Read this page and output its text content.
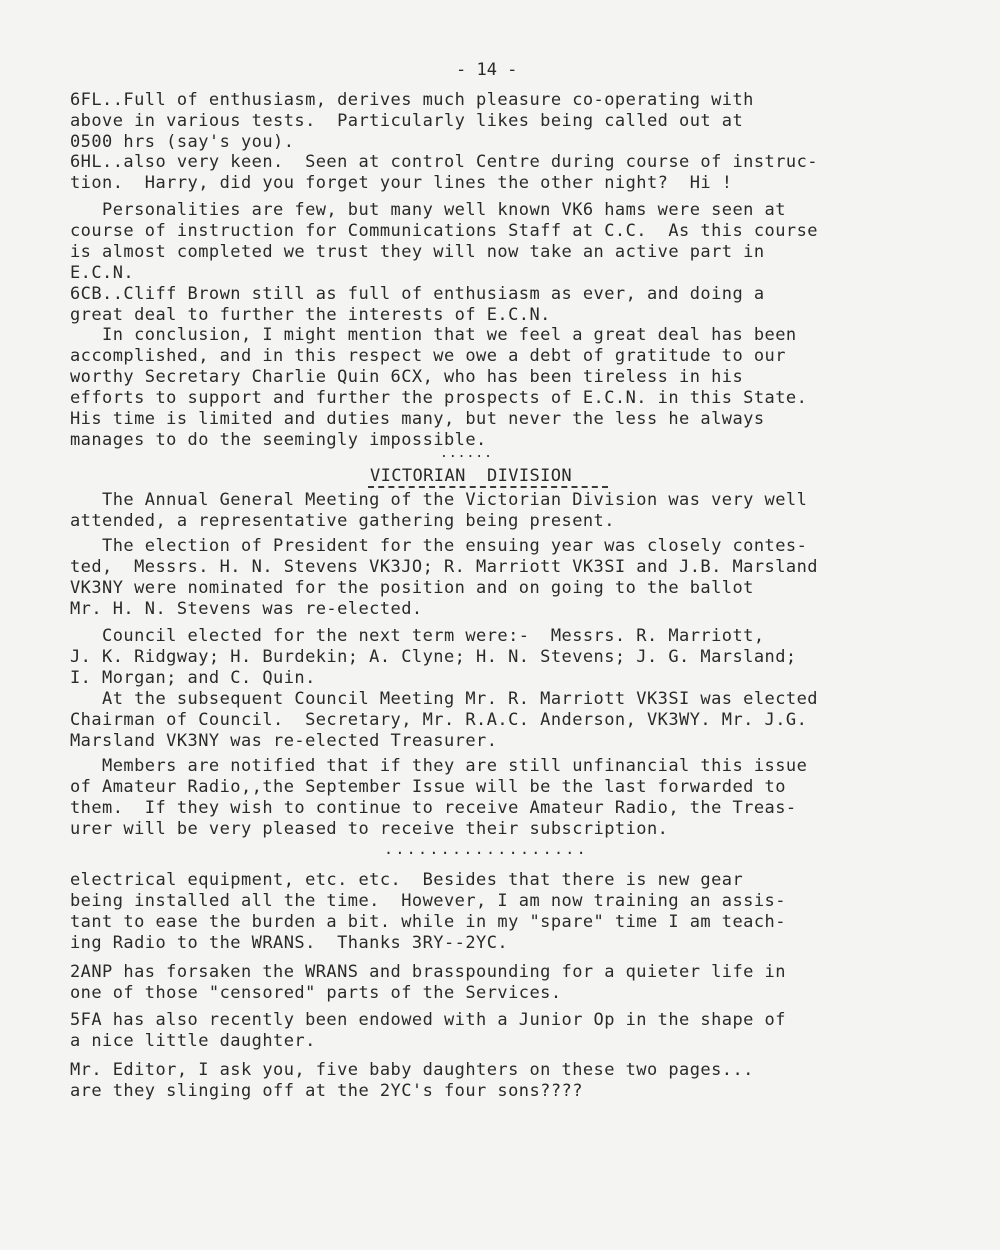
- 14 -
6FL..Full of enthusiasm, derives much pleasure co-operating with
above in various tests.  Particularly likes being called out at
0500 hrs (say's you).
6HL..also very keen.  Seen at control Centre during course of instruc-
tion.  Harry, did you forget your lines the other night?  Hi !
Personalities are few, but many well known VK6 hams were seen at
course of instruction for Communications Staff at C.C.  As this course
is almost completed we trust they will now take an active part in
E.C.N.
6CB..Cliff Brown still as full of enthusiasm as ever, and doing a
great deal to further the interests of E.C.N.
In conclusion, I might mention that we feel a great deal has been
accomplished, and in this respect we owe a debt of gratitude to our
worthy Secretary Charlie Quin 6CX, who has been tireless in his
efforts to support and further the prospects of E.C.N. in this State.
His time is limited and duties many, but never the less he always
manages to do the seemingly impossible.
......
VICTORIAN  DIVISION
The Annual General Meeting of the Victorian Division was very well
attended, a representative gathering being present.
The election of President for the ensuing year was closely contes-
ted,  Messrs. H. N. Stevens VK3JO; R. Marriott VK3SI and J.B. Marsland
VK3NY were nominated for the position and on going to the ballot
Mr. H. N. Stevens was re-elected.
Council elected for the next term were:-  Messrs. R. Marriott,
J. K. Ridgway; H. Burdekin; A. Clyne; H. N. Stevens; J. G. Marsland;
I. Morgan; and C. Quin.
At the subsequent Council Meeting Mr. R. Marriott VK3SI was elected
Chairman of Council.  Secretary, Mr. R.A.C. Anderson, VK3WY. Mr. J.G.
Marsland VK3NY was re-elected Treasurer.
Members are notified that if they are still unfinancial this issue
of Amateur Radio,,the September Issue will be the last forwarded to
them.  If they wish to continue to receive Amateur Radio, the Treas-
urer will be very pleased to receive their subscription.
..................
electrical equipment, etc. etc.  Besides that there is new gear
being installed all the time.  However, I am now training an assis-
tant to ease the burden a bit. while in my "spare" time I am teach-
ing Radio to the WRANS.  Thanks 3RY--2YC.
2ANP has forsaken the WRANS and brasspounding for a quieter life in
one of those "censored" parts of the Services.
5FA has also recently been endowed with a Junior Op in the shape of
a nice little daughter.
Mr. Editor, I ask you, five baby daughters on these two pages...
are they slinging off at the 2YC's four sons????
